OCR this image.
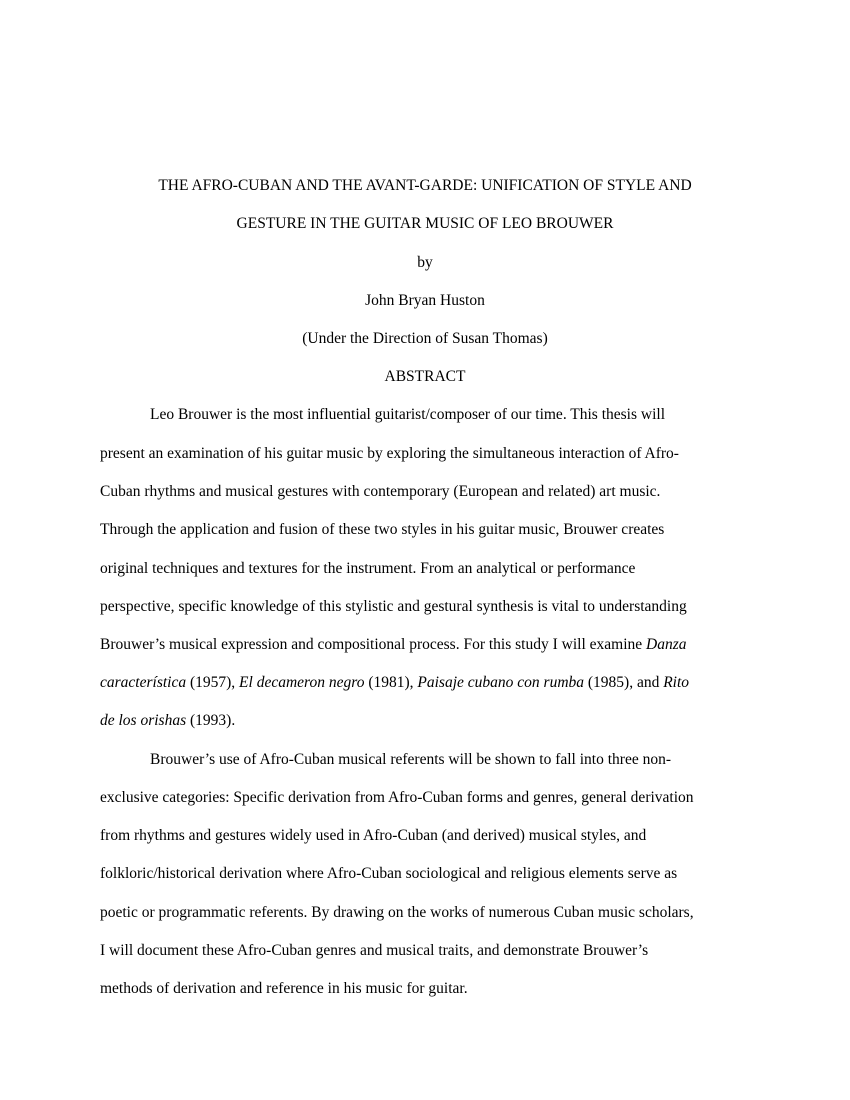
THE AFRO-CUBAN AND THE AVANT-GARDE: UNIFICATION OF STYLE AND
GESTURE IN THE GUITAR MUSIC OF LEO BROUWER
by
John Bryan Huston
(Under the Direction of Susan Thomas)
ABSTRACT
Leo Brouwer is the most influential guitarist/composer of our time. This thesis will
present an examination of his guitar music by exploring the simultaneous interaction of Afro-
Cuban rhythms and musical gestures with contemporary (European and related) art music.
Through the application and fusion of these two styles in his guitar music, Brouwer creates
original techniques and textures for the instrument. From an analytical or performance
perspective, specific knowledge of this stylistic and gestural synthesis is vital to understanding
Brouwer’s musical expression and compositional process. For this study I will examine Danza
característica (1957), El decameron negro (1981), Paisaje cubano con rumba (1985), and Rito
de los orishas (1993).
Brouwer’s use of Afro-Cuban musical referents will be shown to fall into three non-
exclusive categories: Specific derivation from Afro-Cuban forms and genres, general derivation
from rhythms and gestures widely used in Afro-Cuban (and derived) musical styles, and
folkloric/historical derivation where Afro-Cuban sociological and religious elements serve as
poetic or programmatic referents. By drawing on the works of numerous Cuban music scholars,
I will document these Afro-Cuban genres and musical traits, and demonstrate Brouwer’s
methods of derivation and reference in his music for guitar.
